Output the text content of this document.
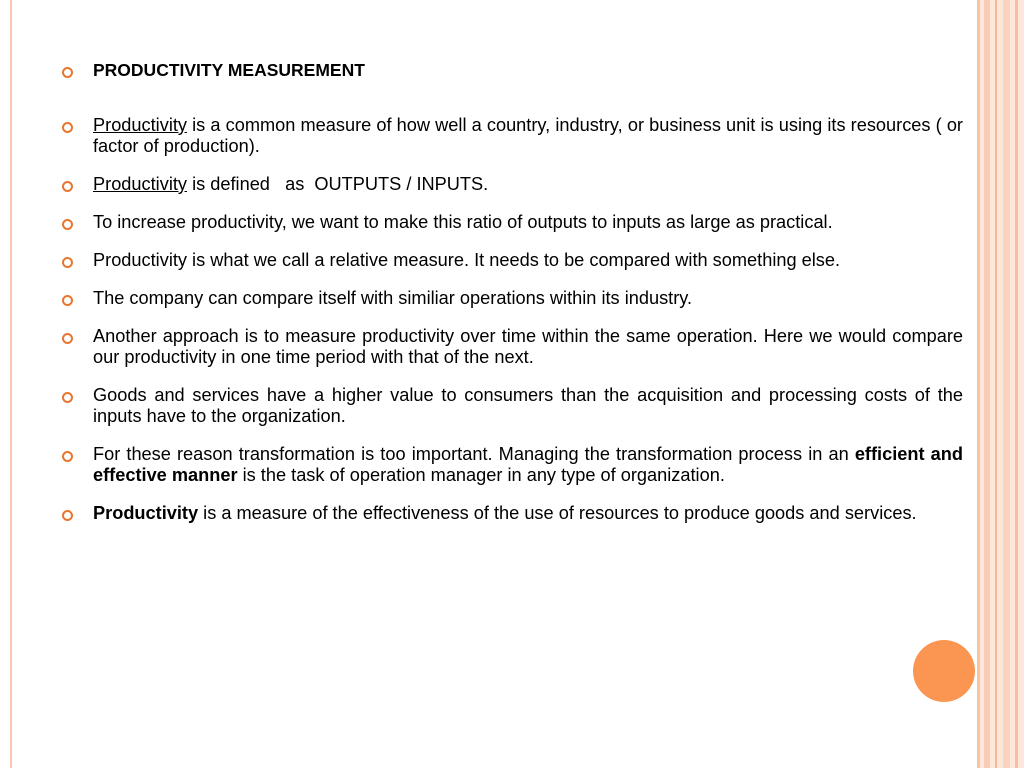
PRODUCTIVITY MEASUREMENT
Productivity is a common measure of how well a country, industry, or business unit is using its resources ( or factor of production).
Productivity is defined   as  OUTPUTS / INPUTS.
To increase productivity, we want to make this ratio of outputs to inputs as large as practical.
Productivity is what we call a relative measure. It needs to be compared with something else.
The company can compare itself with similiar operations within its industry.
Another approach is to measure productivity over time within the same operation. Here we would compare our productivity in one time period with that of the next.
Goods and services have a higher value to consumers than the acquisition and processing costs of the inputs have to the organization.
For these reason transformation is too important. Managing the transformation process in an efficient and effective manner is the task of operation manager in any type of organization.
Productivity is a measure of the effectiveness of the use of resources to produce goods and services.
